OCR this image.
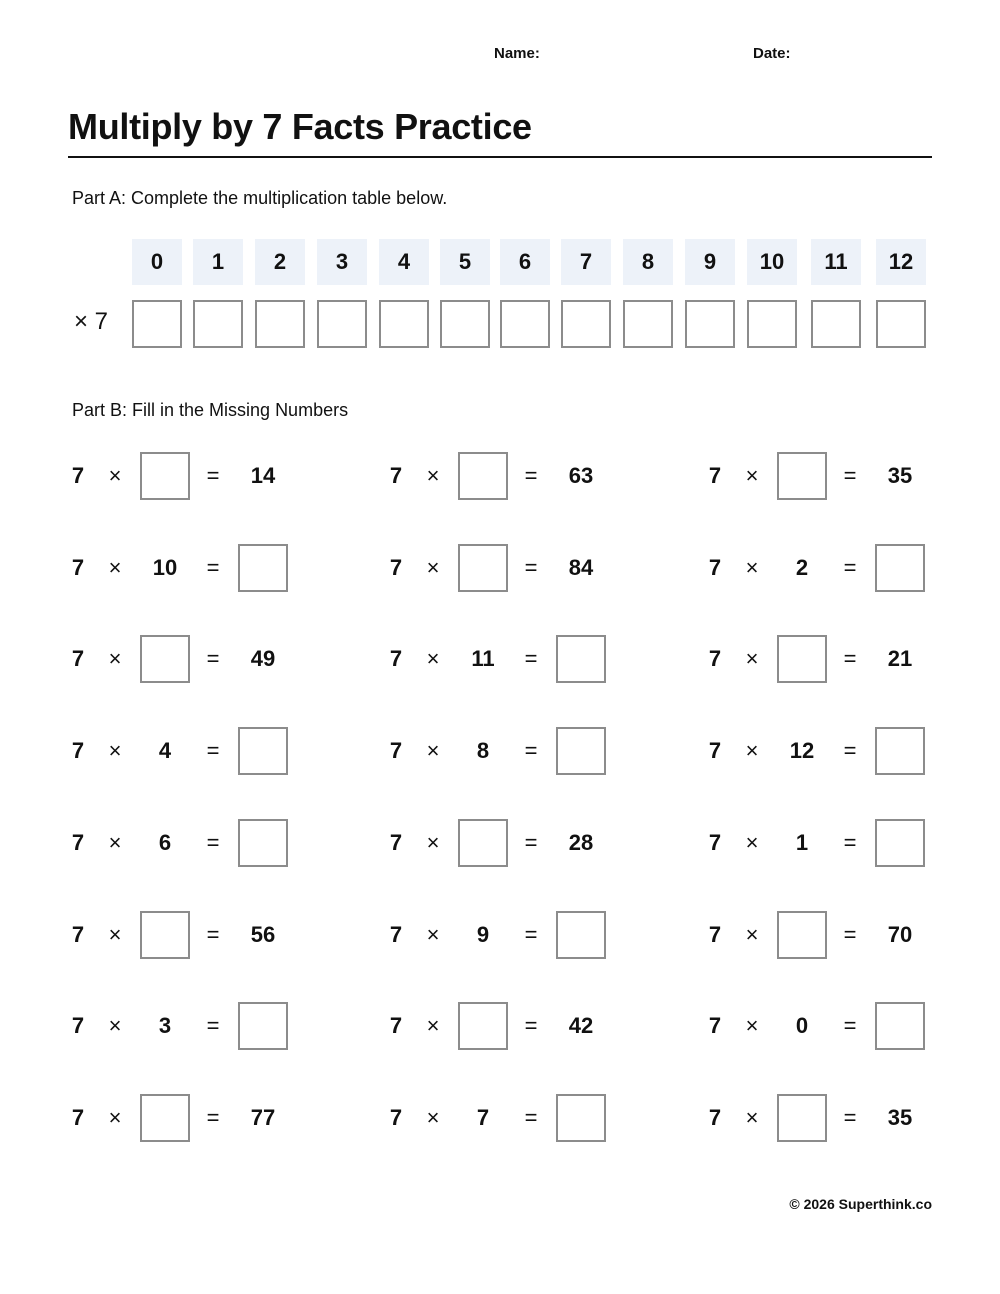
Name:	Date:
Multiply by 7 Facts Practice
Part A: Complete the multiplication table below.
0	1	2	3	4	5	6	7	8	9	10	11	12
× 7
Part B: Fill in the Missing Numbers
7	×	=	14	7	×	=	63	7	×	=	35
7	×	10	=	7	×	=	84	7	×	2	=
7	×	=	49	7	×	11	=	7	×	=	21
7	×	4	=	7	×	8	=	7	×	12	=
7	×	6	=	7	×	=	28	7	×	1	=
7	×	=	56	7	×	9	=	7	×	=	70
7	×	3	=	7	×	=	42	7	×	0	=
7	×	=	77	7	×	7	=	7	×	=	35
© 2026 Superthink.co
